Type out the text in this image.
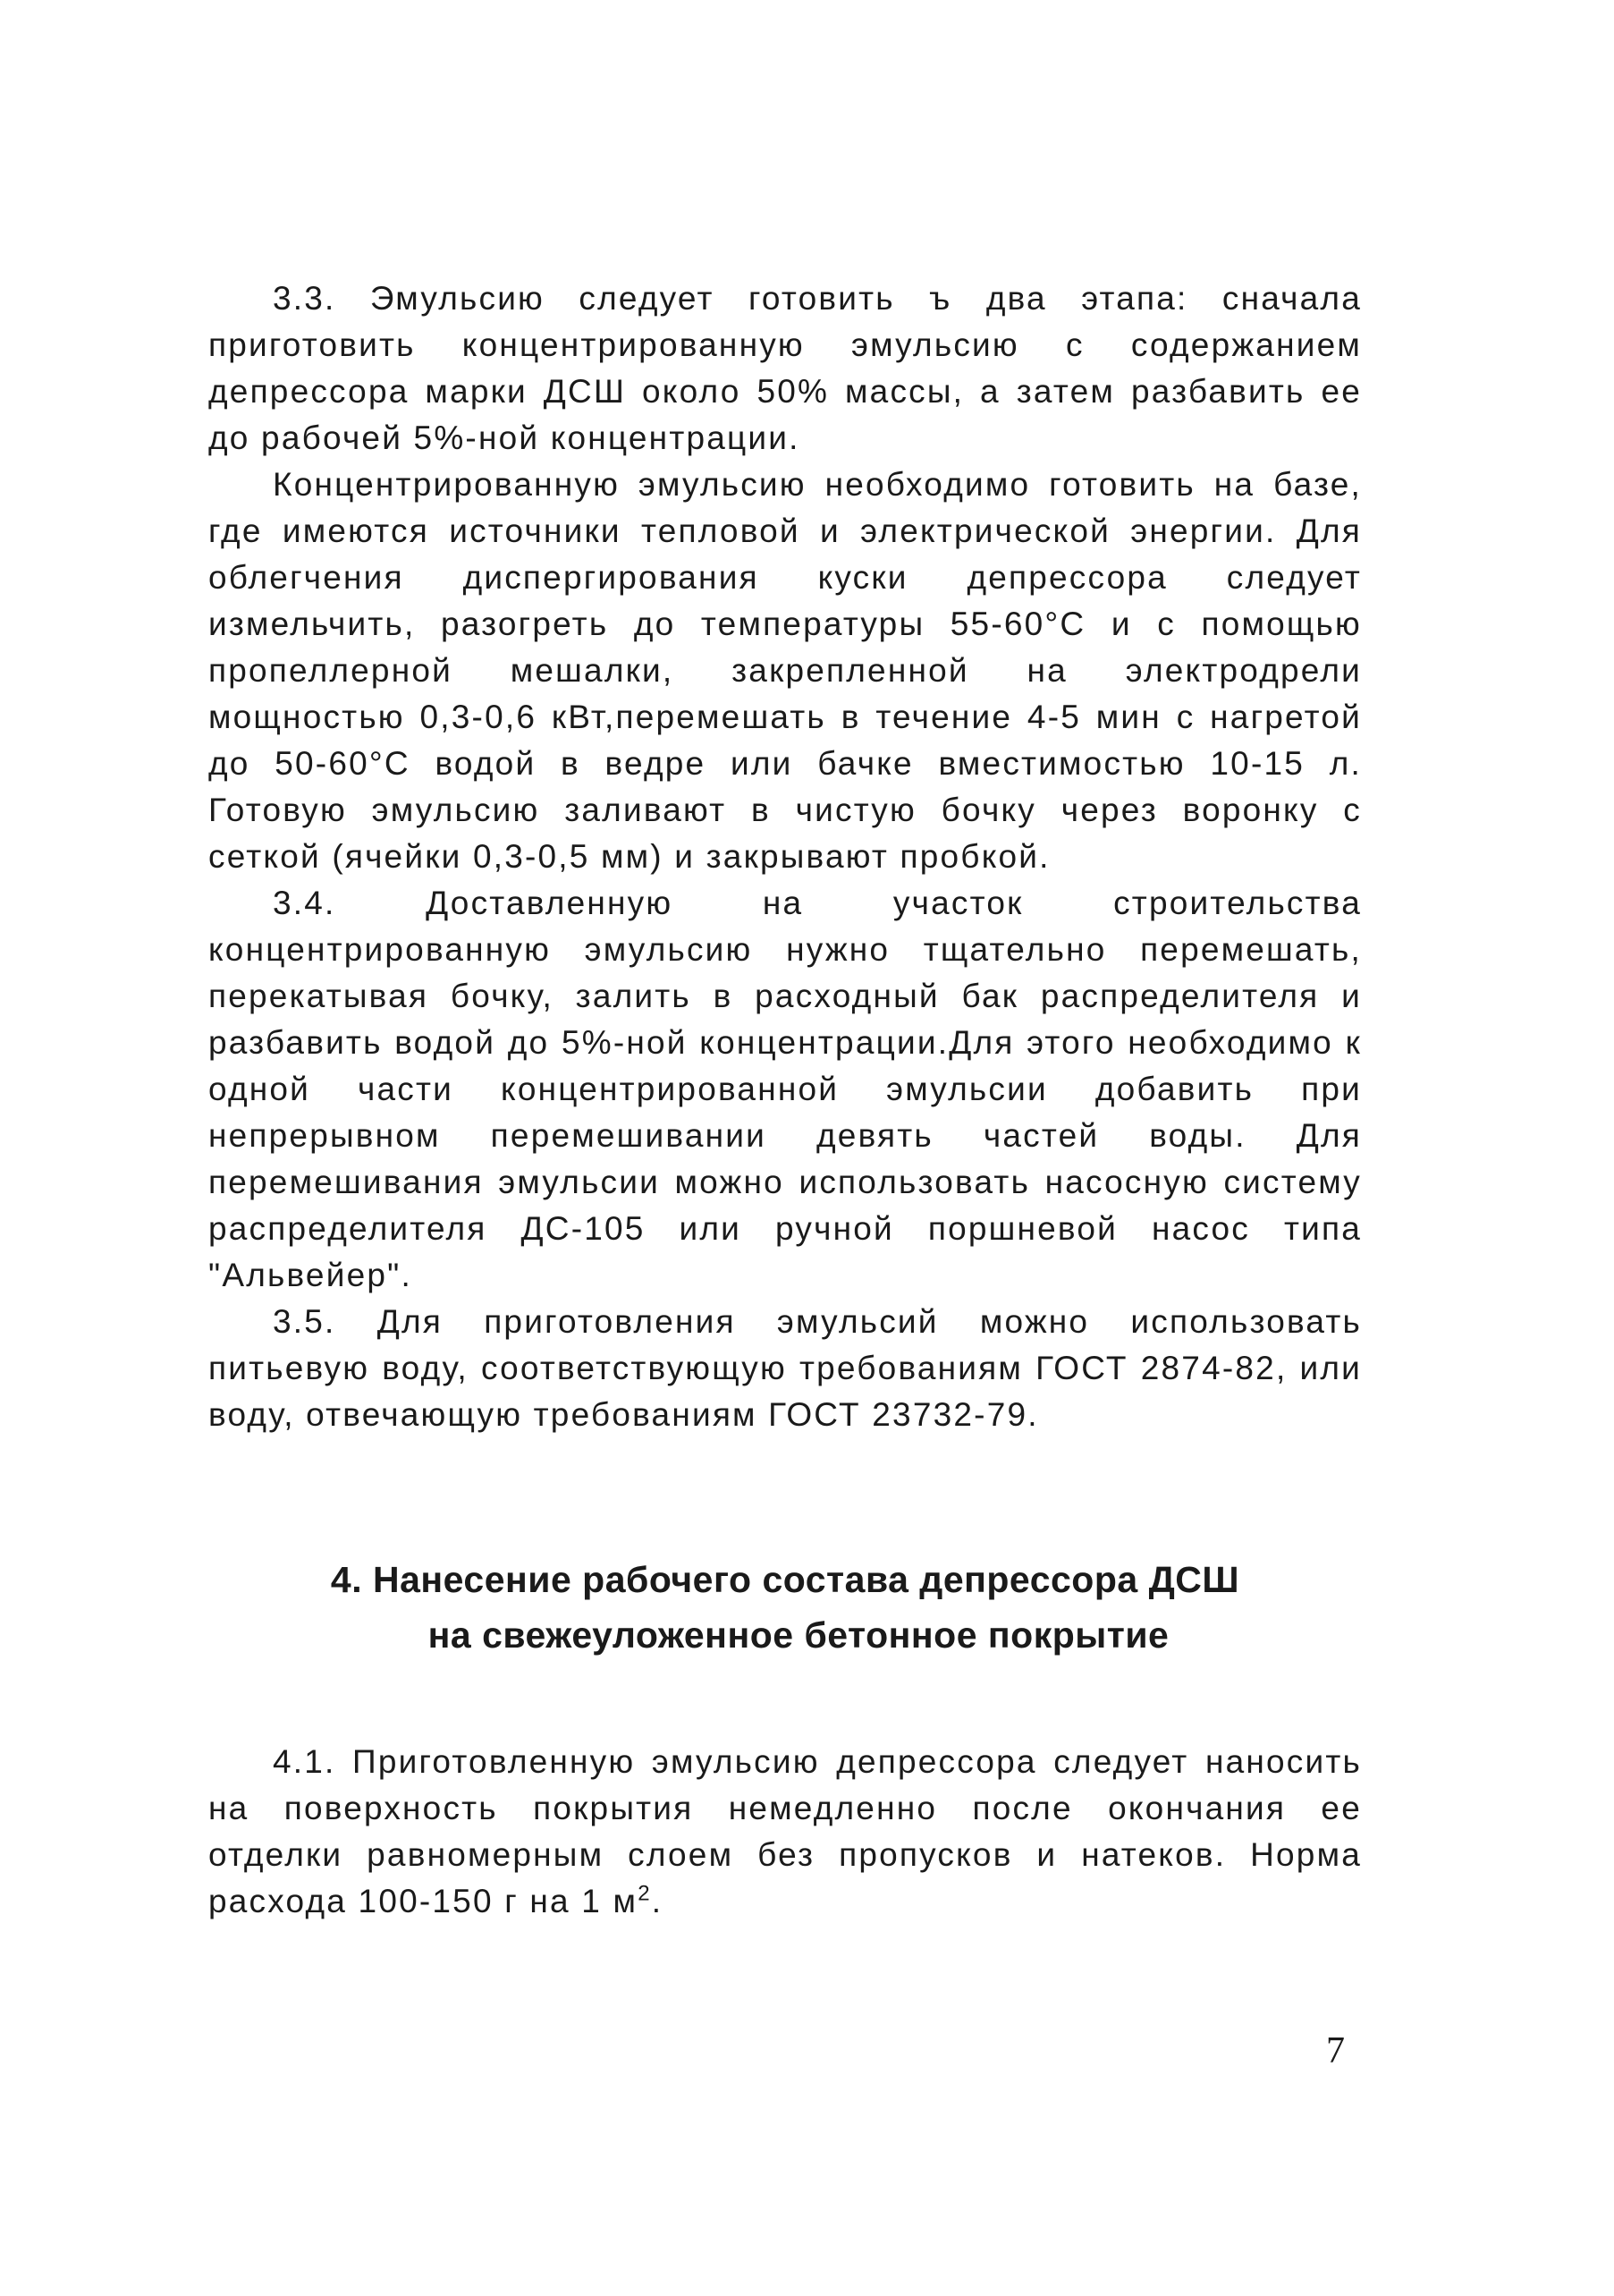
3.3. Эмульсию следует готовить ъ два этапа: сначала приготовить концентрированную эмульсию с содержанием депрессора марки ДСШ около 50% массы, а затем разбавить ее до рабочей 5%-ной концентрации.

Концентрированную эмульсию необходимо готовить на базе, где имеются источники тепловой и электрической энергии. Для облегчения диспергирования куски депрессора следует измельчить, разогреть до температуры 55-60°С и с помощью пропеллерной мешалки, закрепленной на электродрели мощностью 0,3-0,6 кВт,перемешать в течение 4-5 мин с нагретой до 50-60°С водой в ведре или бачке вместимостью 10-15 л. Готовую эмульсию заливают в чистую бочку через воронку с сеткой (ячейки 0,3-0,5 мм) и закрывают пробкой.

3.4. Доставленную на участок строительства концентрированную эмульсию нужно тщательно перемешать, перекатывая бочку, залить в расходный бак распределителя и разбавить водой до 5%-ной концентрации.Для этого необходимо к одной части концентрированной эмульсии добавить при непрерывном перемешивании девять частей воды. Для перемешивания эмульсии можно использовать насосную систему распределителя ДС-105 или ручной поршневой насос типа "Альвейер".

3.5. Для приготовления эмульсий можно использовать питьевую воду, соответствующую требованиям ГОСТ 2874-82, или воду, отвечающую требованиям ГОСТ 23732-79.

4. Нанесение рабочего состава депрессора ДСШ
на свежеуложенное бетонное покрытие

4.1. Приготовленную эмульсию депрессора следует наносить на поверхность покрытия немедленно после окончания ее отделки равномерным слоем без пропусков и натеков. Норма расхода 100-150 г на 1 $м^2$.

7
